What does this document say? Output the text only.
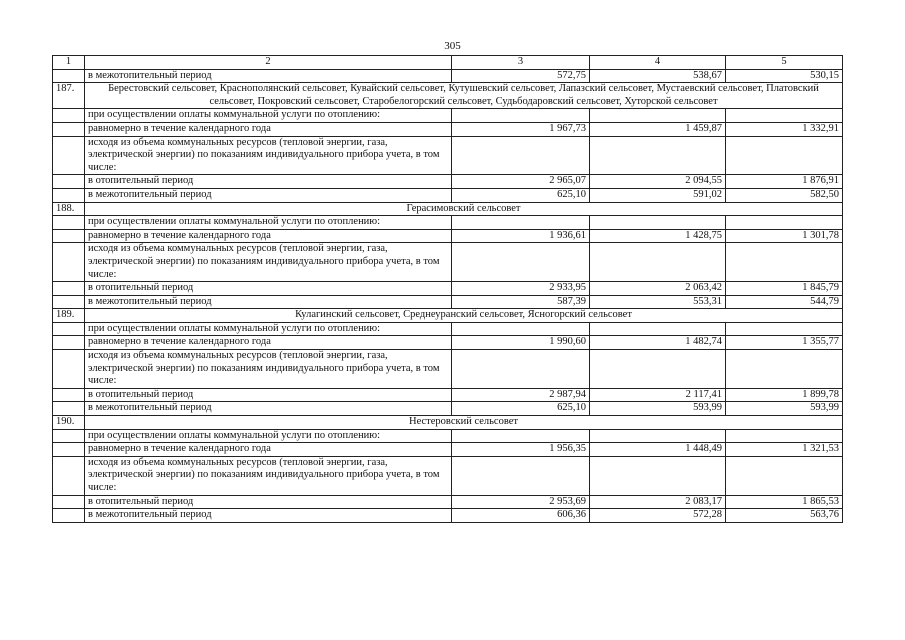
305
1	2	3	4	5
	в межотопительный период	572,75	538,67	530,15
187.	Берестовский сельсовет, Краснополянский сельсовет, Кувайский сельсовет, Кутушевский сельсовет, Лапазский сельсовет, Мустаевский сельсовет, Платовский сельсовет, Покровский сельсовет, Старобелогорский сельсовет, Судьбодаровский сельсовет, Хуторской сельсовет			
	при осуществлении оплаты коммунальной услуги по отоплению:			
	равномерно в течение календарного года	1 967,73	1 459,87	1 332,91
	исходя из объема коммунальных ресурсов (тепловой энергии, газа, электрической энергии) по показаниям индивидуального прибора учета, в том числе:			
	в отопительный период	2 965,07	2 094,55	1 876,91
	в межотопительный период	625,10	591,02	582,50
188.	Герасимовский сельсовет			
	при осуществлении оплаты коммунальной услуги по отоплению:			
	равномерно в течение календарного года	1 936,61	1 428,75	1 301,78
	исходя из объема коммунальных ресурсов (тепловой энергии, газа, электрической энергии) по показаниям индивидуального прибора учета, в том числе:			
	в отопительный период	2 933,95	2 063,42	1 845,79
	в межотопительный период	587,39	553,31	544,79
189.	Кулагинский сельсовет, Среднеуранский сельсовет, Ясногорский сельсовет			
	при осуществлении оплаты коммунальной услуги по отоплению:			
	равномерно в течение календарного года	1 990,60	1 482,74	1 355,77
	исходя из объема коммунальных ресурсов (тепловой энергии, газа, электрической энергии) по показаниям индивидуального прибора учета, в том числе:			
	в отопительный период	2 987,94	2 117,41	1 899,78
	в межотопительный период	625,10	593,99	593,99
190.	Нестеровский сельсовет			
	при осуществлении оплаты коммунальной услуги по отоплению:			
	равномерно в течение календарного года	1 956,35	1 448,49	1 321,53
	исходя из объема коммунальных ресурсов (тепловой энергии, газа, электрической энергии) по показаниям индивидуального прибора учета, в том числе:			
	в отопительный период	2 953,69	2 083,17	1 865,53
	в межотопительный период	606,36	572,28	563,76
